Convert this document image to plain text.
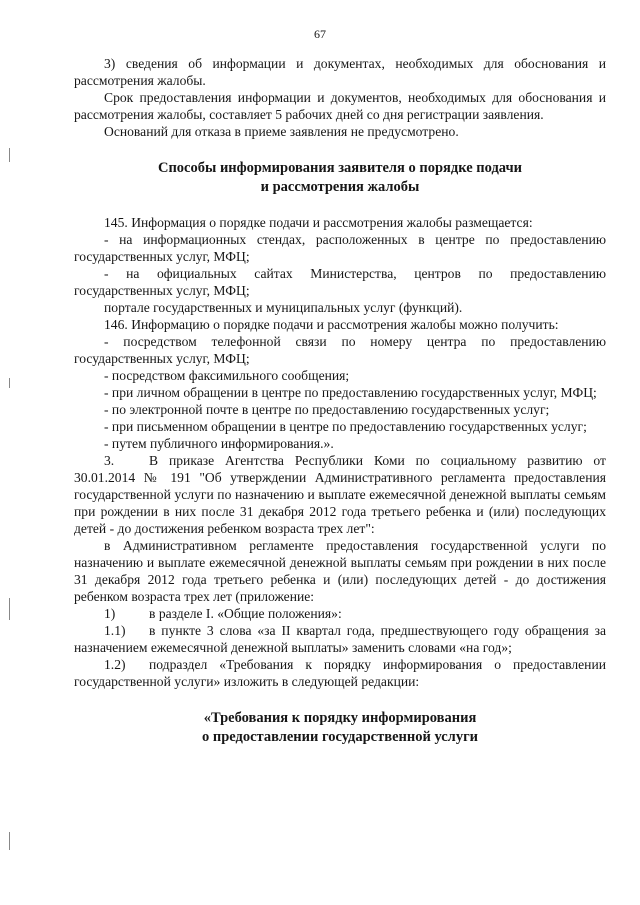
67

3) сведения об информации и документах, необходимых для обоснования и рассмотрения жалобы.

Срок предоставления информации и документов, необходимых для обоснования и рассмотрения жалобы, составляет 5 рабочих дней со дня регистрации заявления.

Оснований для отказа в приеме заявления не предусмотрено.

Способы информирования заявителя о порядке подачи
и рассмотрения жалобы

145. Информация о порядке подачи и рассмотрения жалобы размещается:

- на информационных стендах, расположенных в центре по предоставлению государственных услуг, МФЦ;

- на официальных сайтах Министерства, центров по предоставлению государственных услуг, МФЦ;

портале государственных и муниципальных услуг (функций).

146. Информацию о порядке подачи и рассмотрения жалобы можно получить:

- посредством телефонной связи по номеру центра по предоставлению государственных услуг, МФЦ;

- посредством факсимильного сообщения;

- при личном обращении в центре по предоставлению государственных услуг, МФЦ;

- по электронной почте в центре по предоставлению государственных услуг;

- при письменном обращении в центре по предоставлению государственных услуг;

- путем публичного информирования.».

3.	В приказе Агентства Республики Коми по социальному развитию от 30.01.2014 № 191 "Об утверждении Административного регламента предоставления государственной услуги по назначению и выплате ежемесячной денежной выплаты семьям при рождении в них после 31 декабря 2012 года третьего ребенка и (или) последующих детей - до достижения ребенком возраста трех лет":

в Административном регламенте предоставления государственной услуги по назначению и выплате ежемесячной денежной выплаты семьям при рождении в них после 31 декабря 2012 года третьего ребенка и (или) последующих детей - до достижения ребенком возраста трех лет (приложение:

1) в разделе I. «Общие положения»:

1.1) в пункте 3 слова «за II квартал года, предшествующего году обращения за назначением ежемесячной денежной выплаты» заменить словами «на год»;

1.2) подраздел «Требования к порядку информирования о предоставлении государственной услуги» изложить в следующей редакции:

«Требования к порядку информирования
о предоставлении государственной услуги
